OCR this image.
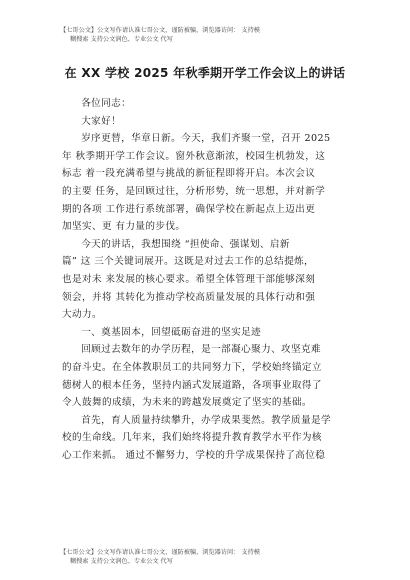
【七哥公文】公文写作请认准七哥公文，谨防被骗，浏览器访问： 支持模
糊搜索 支持公文润色、专业公文 代写
在 XX 学校 2025 年秋季期开学工作会议上的讲话

各位同志：

大家好！

岁序更替，华章日新。今天，我们齐聚一堂，召开 2025
年 秋季期开学工作会议。窗外秋意渐浓，校园生机勃发，这
标志 着一段充满希望与挑战的新征程即将开启。本次会议
的主要 任务，是回顾过往，分析形势，统一思想，并对新学
期的各项 工作进行系统部署，确保学校在新起点上迈出更
加坚实、更 有力量的步伐。

今天的讲话，我想围绕 “担使命、强谋划、启新
篇” 这 三个关键词展开。这既是对过去工作的总结提炼，
也是对未 来发展的核心要求。希望全体管理干部能够深刻
领会，并将 其转化为推动学校高质量发展的具体行动和强
大动力。

一、奠基固本，回望砥砺奋进的坚实足迹

回顾过去数年的办学历程，是一部凝心聚力、攻坚克难
的奋斗史。在全体教职员工的共同努力下，学校始终锚定立
德树人的根本任务，坚持内涵式发展道路，各项事业取得了
令人鼓舞的成绩，为未来的跨越发展奠定了坚实的基础。

首先，育人质量持续攀升，办学成果斐然。教学质量是学
校的生命线。几年来，我们始终将提升教育教学水平作为核
心工作来抓。 通过不懈努力，学校的升学成果保持了高位稳

【七哥公文】公文写作请认准七哥公文，谨防被骗，浏览器访问： 支持模
糊搜索 支持公文润色、专业公文 代写
